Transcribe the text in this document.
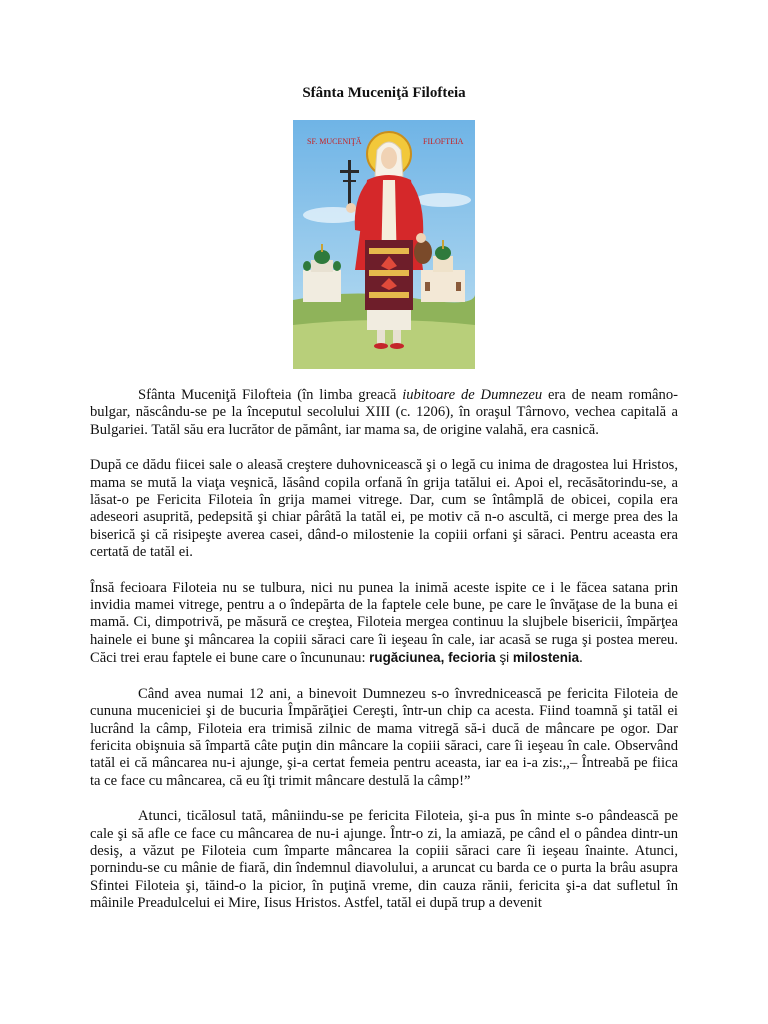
Sfânta Muceniţă Filofteia
SF. MUCENIŢĂ	FILOFTEIA

Sfânta Muceniţă Filofteia (în limba greacă iubitoare de Dumnezeu era de neam româno-bulgar, născându-se pe la începutul secolului XIII (c. 1206), în oraşul Târnovo, vechea capitală a Bulgariei. Tatăl său era lucrător de pământ, iar mama sa, de origine valahă, era casnică.

După ce dădu fiicei sale o aleasă creştere duhovnicească şi o legă cu inima de dragostea lui Hristos, mama se mută la viaţa veşnică, lăsând copila orfană în grija tatălui ei. Apoi el, recăsătorindu-se, a lăsat-o pe Fericita Filoteia în grija mamei vitrege. Dar, cum se întâmplă de obicei, copila era adeseori asuprită, pedepsită şi chiar pârâtă la tatăl ei, pe motiv că n-o ascultă, ci merge prea des la biserică şi că risipeşte averea casei, dând-o milostenie la copiii orfani şi săraci. Pentru aceasta era certată de tatăl ei.

Însă fecioara Filoteia nu se tulbura, nici nu punea la inimă aceste ispite ce i le făcea satana prin invidia mamei vitrege, pentru a o îndepărta de la faptele cele bune, pe care le învăţase de la buna ei mamă. Ci, dimpotrivă, pe măsură ce creştea, Filoteia mergea continuu la slujbele bisericii, împărţea hainele ei bune şi mâncarea la copiii săraci care îi ieşeau în cale, iar acasă se ruga şi postea mereu. Căci trei erau faptele ei bune care o încununau: rugăciunea, fecioria şi milostenia.

Când avea numai 12 ani, a binevoit Dumnezeu s-o învrednicească pe fericita Filoteia de cununa muceniciei şi de bucuria Împărăţiei Cereşti, într-un chip ca acesta. Fiind toamnă şi tatăl ei lucrând la câmp, Filoteia era trimisă zilnic de mama vitregă să-i ducă de mâncare pe ogor. Dar fericita obişnuia să împartă câte puţin din mâncare la copiii săraci, care îi ieşeau în cale. Observând tatăl ei că mâncarea nu-i ajunge, şi-a certat femeia pentru aceasta, iar ea i-a zis:,,– Întreabă pe fiica ta ce face cu mâncarea, că eu îţi trimit mâncare destulă la câmp!”

Atunci, ticălosul tată, mâniindu-se pe fericita Filoteia, şi-a pus în minte s-o pândească pe cale şi să afle ce face cu mâncarea de nu-i ajunge. Într-o zi, la amiază, pe când el o pândea dintr-un desiş, a văzut pe Filoteia cum împarte mâncarea la copiii săraci care îi ieşeau înainte. Atunci, pornindu-se cu mânie de fiară, din îndemnul diavolului, a aruncat cu barda ce o purta la brâu asupra Sfintei Filoteia şi, tăind-o la picior, în puţină vreme, din cauza rănii, fericita şi-a dat sufletul în mâinile Preadulcelui ei Mire, Iisus Hristos. Astfel, tatăl ei după trup a devenit
